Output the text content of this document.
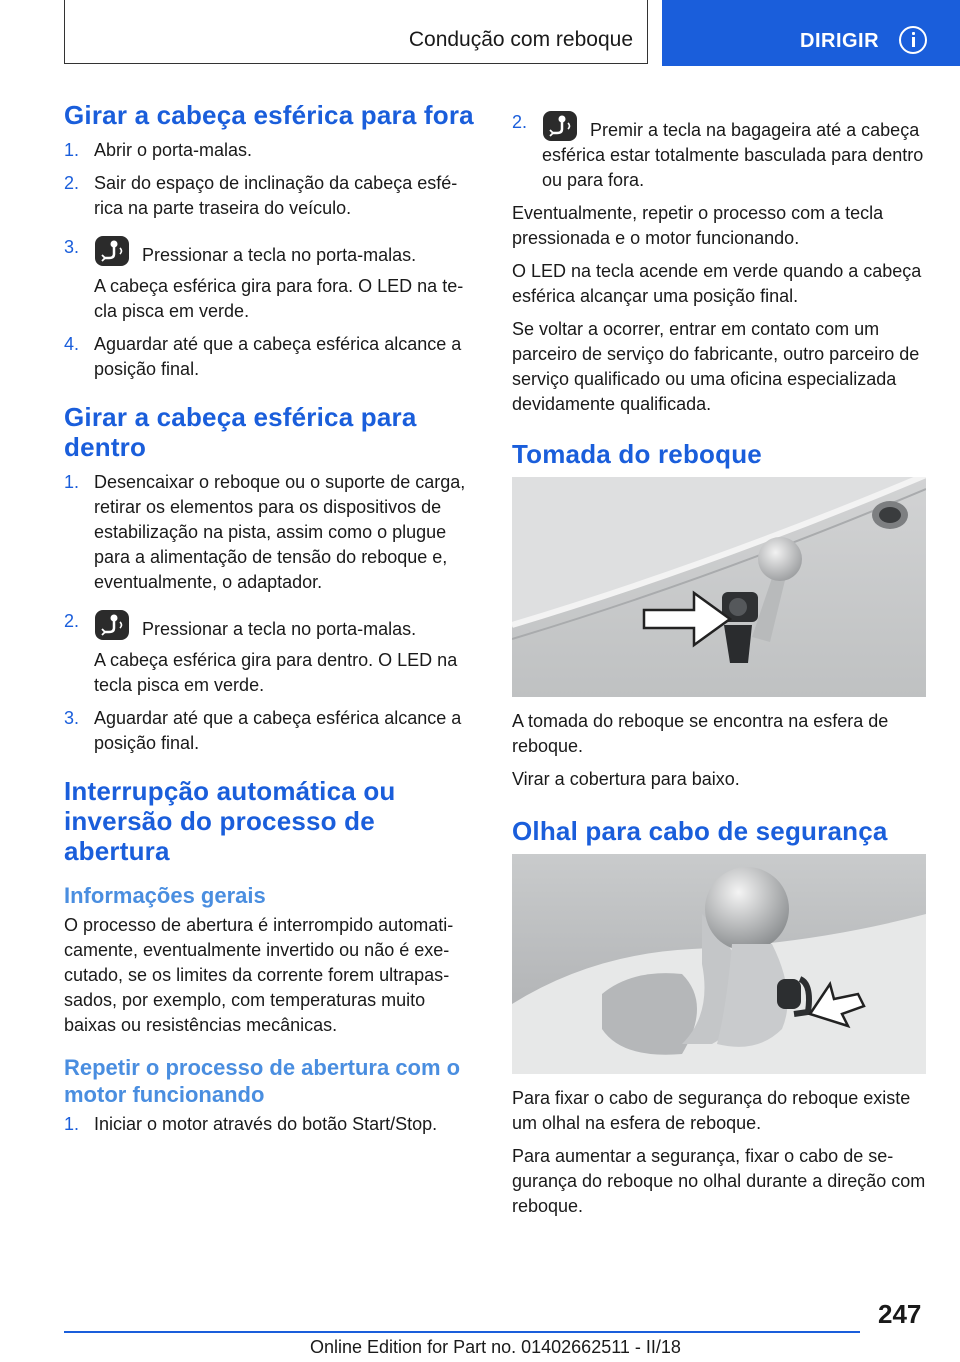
Condução com reboque	DIRIGIR
Girar a cabeça esférica para fora
1. Abrir o porta-malas.
2. Sair do espaço de inclinação da cabeça esférica na parte traseira do veículo.
3.	Pressionar a tecla no porta-malas.

A cabeça esférica gira para fora. O LED na tecla pisca em verde.

4. Aguardar até que a cabeça esférica alcance a posição final.
Girar a cabeça esférica para dentro
1. Desencaixar o reboque ou o suporte de carga, retirar os elementos para os dispositivos de estabilização na pista, assim como o plugue para a alimentação de tensão do reboque e, eventualmente, o adaptador.
2.	Pressionar a tecla no porta-malas.

A cabeça esférica gira para dentro. O LED na tecla pisca em verde.

3. Aguardar até que a cabeça esférica alcance a posição final.
Interrupção automática ou inversão do processo de abertura
Informações gerais

O processo de abertura é interrompido automaticamente, eventualmente invertido ou não é executado, se os limites da corrente forem ultrapassados, por exemplo, com temperaturas muito baixas ou resistências mecânicas.

Repetir o processo de abertura com o motor funcionando
1. Iniciar o motor através do botão Start/Stop.
2.	Premir a tecla na bagageira até a cabeça esférica estar totalmente basculada para dentro ou para fora.

Eventualmente, repetir o processo com a tecla pressionada e o motor funcionando.

O LED na tecla acende em verde quando a cabeça esférica alcançar uma posição final.

Se voltar a ocorrer, entrar em contato com um parceiro de serviço do fabricante, outro parceiro de serviço qualificado ou uma oficina especializada devidamente qualificada.

Tomada do reboque

A tomada do reboque se encontra na esfera de reboque.

Virar a cobertura para baixo.

Olhal para cabo de segurança

Para fixar o cabo de segurança do reboque existe um olhal na esfera de reboque.

Para aumentar a segurança, fixar o cabo de segurança do reboque no olhal durante a direção com reboque.

247
Online Edition for Part no. 01402662511 - II/18
